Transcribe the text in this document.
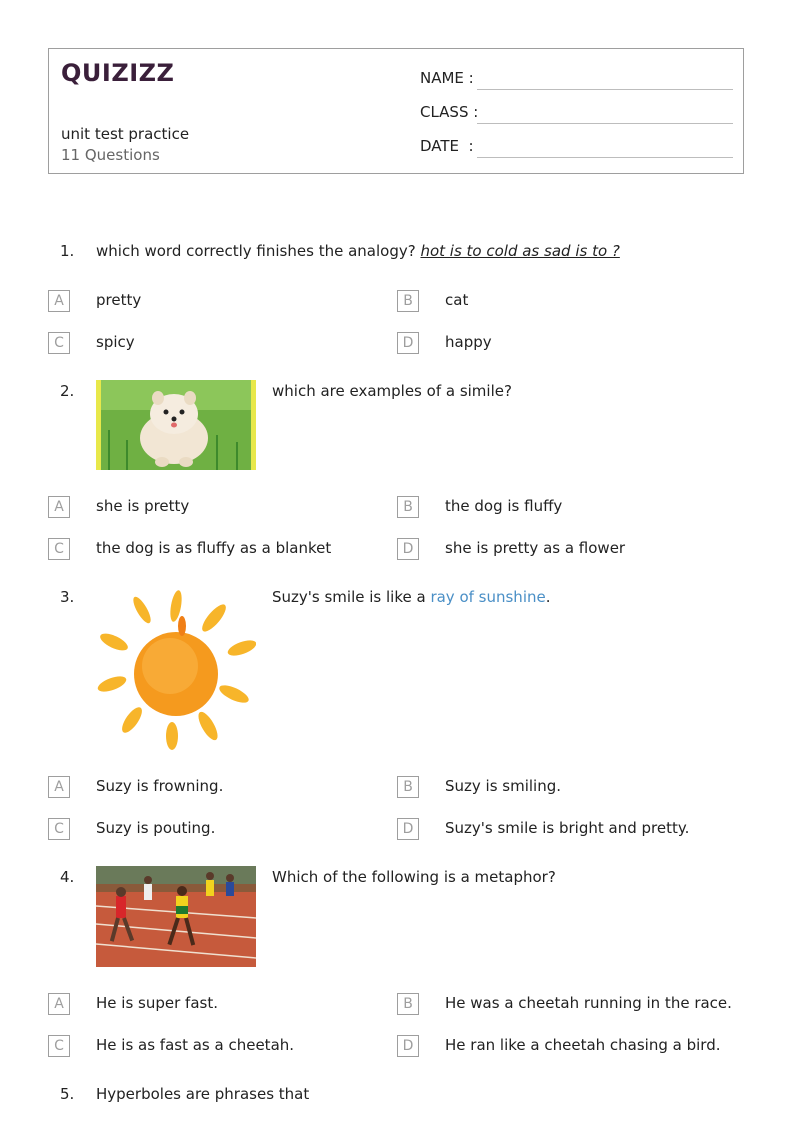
QUIZIZZ
unit test practice
11 Questions
NAME :
CLASS :
DATE  :
1. which word correctly finishes the analogy? hot is to cold as sad is to ?
A	pretty	B	cat
C	spicy	D	happy
2.	which are examples of a simile?
A	she is pretty	B	the dog is fluffy
C	the dog is as fluffy as a blanket	D	she is pretty as a flower
3.	Suzy's smile is like a ray of sunshine.
A	Suzy is frowning.	B	Suzy is smiling.
C	Suzy is pouting.	D	Suzy's smile is bright and pretty.
4.	Which of the following is a metaphor?
A	He is super fast.	B	He was a cheetah running in the race.
C	He is as fast as a cheetah.	D	He ran like a cheetah chasing a bird.
5. Hyperboles are phrases that
